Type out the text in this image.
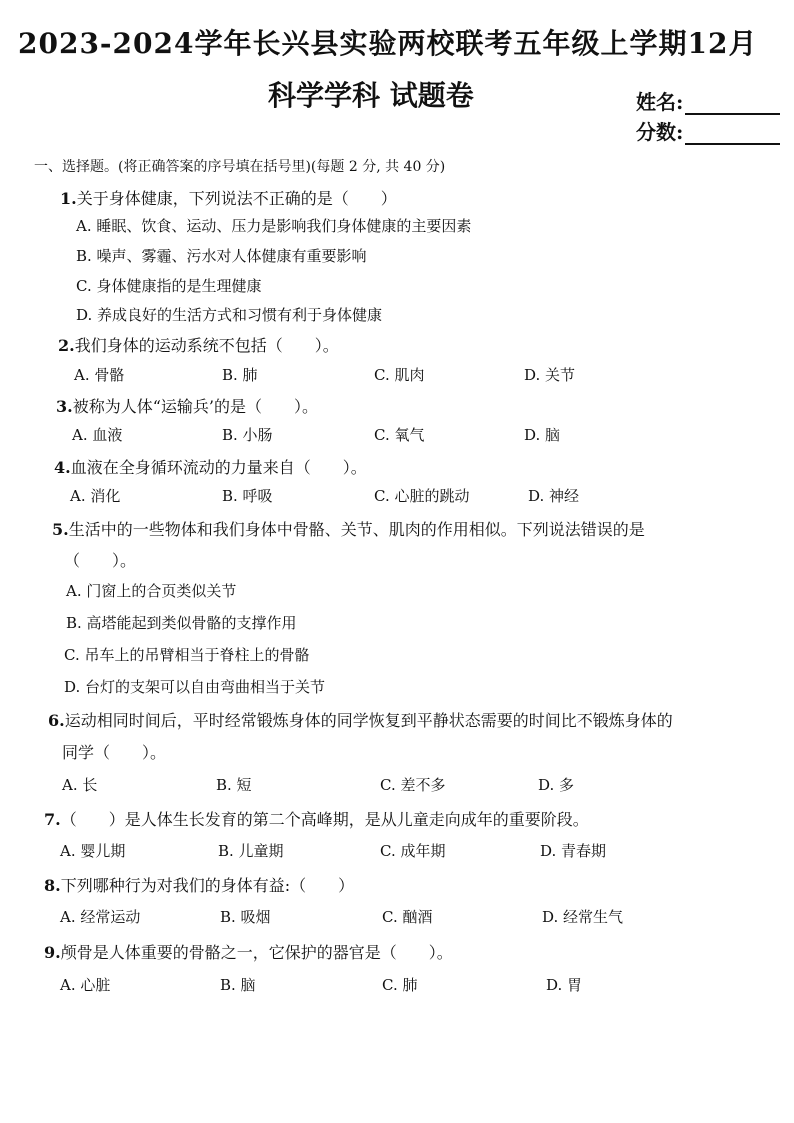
2023-2024学年长兴县实验两校联考五年级上学期12月
科学学科 试题卷	姓名:
分数:
一、选择题。(将正确答案的序号填在括号里)(每题 2 分, 共 40 分)
1.关于身体健康，下列说法不正确的是（　　）
A. 睡眠、饮食、运动、压力是影响我们身体健康的主要因素
B. 噪声、雾霾、污水对人体健康有重要影响
C. 身体健康指的是生理健康
D. 养成良好的生活方式和习惯有利于身体健康
2.我们身体的运动系统不包括（　　）。
A. 骨骼	B. 肺	C. 肌肉	D. 关节
3.被称为人体“运输兵’的是（　　）。
A. 血液	B. 小肠	C. 氧气	D. 脑
4.血液在全身循环流动的力量来自（　　）。
A. 消化	B. 呼吸	C. 心脏的跳动	D. 神经
5.生活中的一些物体和我们身体中骨骼、关节、肌肉的作用相似。下列说法错误的是
（　　）。
A. 门窗上的合页类似关节
B. 高塔能起到类似骨骼的支撑作用
C. 吊车上的吊臂相当于脊柱上的骨骼
D. 台灯的支架可以自由弯曲相当于关节
6.运动相同时间后，平时经常锻炼身体的同学恢复到平静状态需要的时间比不锻炼身体的
同学（　　）。
A. 长	B. 短	C. 差不多	D. 多
7.（　　）是人体生长发育的第二个高峰期，是从儿童走向成年的重要阶段。
A. 婴儿期	B. 儿童期	C. 成年期	D. 青春期
8.下列哪种行为对我们的身体有益:（　　）
A. 经常运动	B. 吸烟	C. 酗酒	D. 经常生气
9.颅骨是人体重要的骨骼之一，它保护的器官是（　　）。
A. 心脏	B. 脑	C. 肺	D. 胃
